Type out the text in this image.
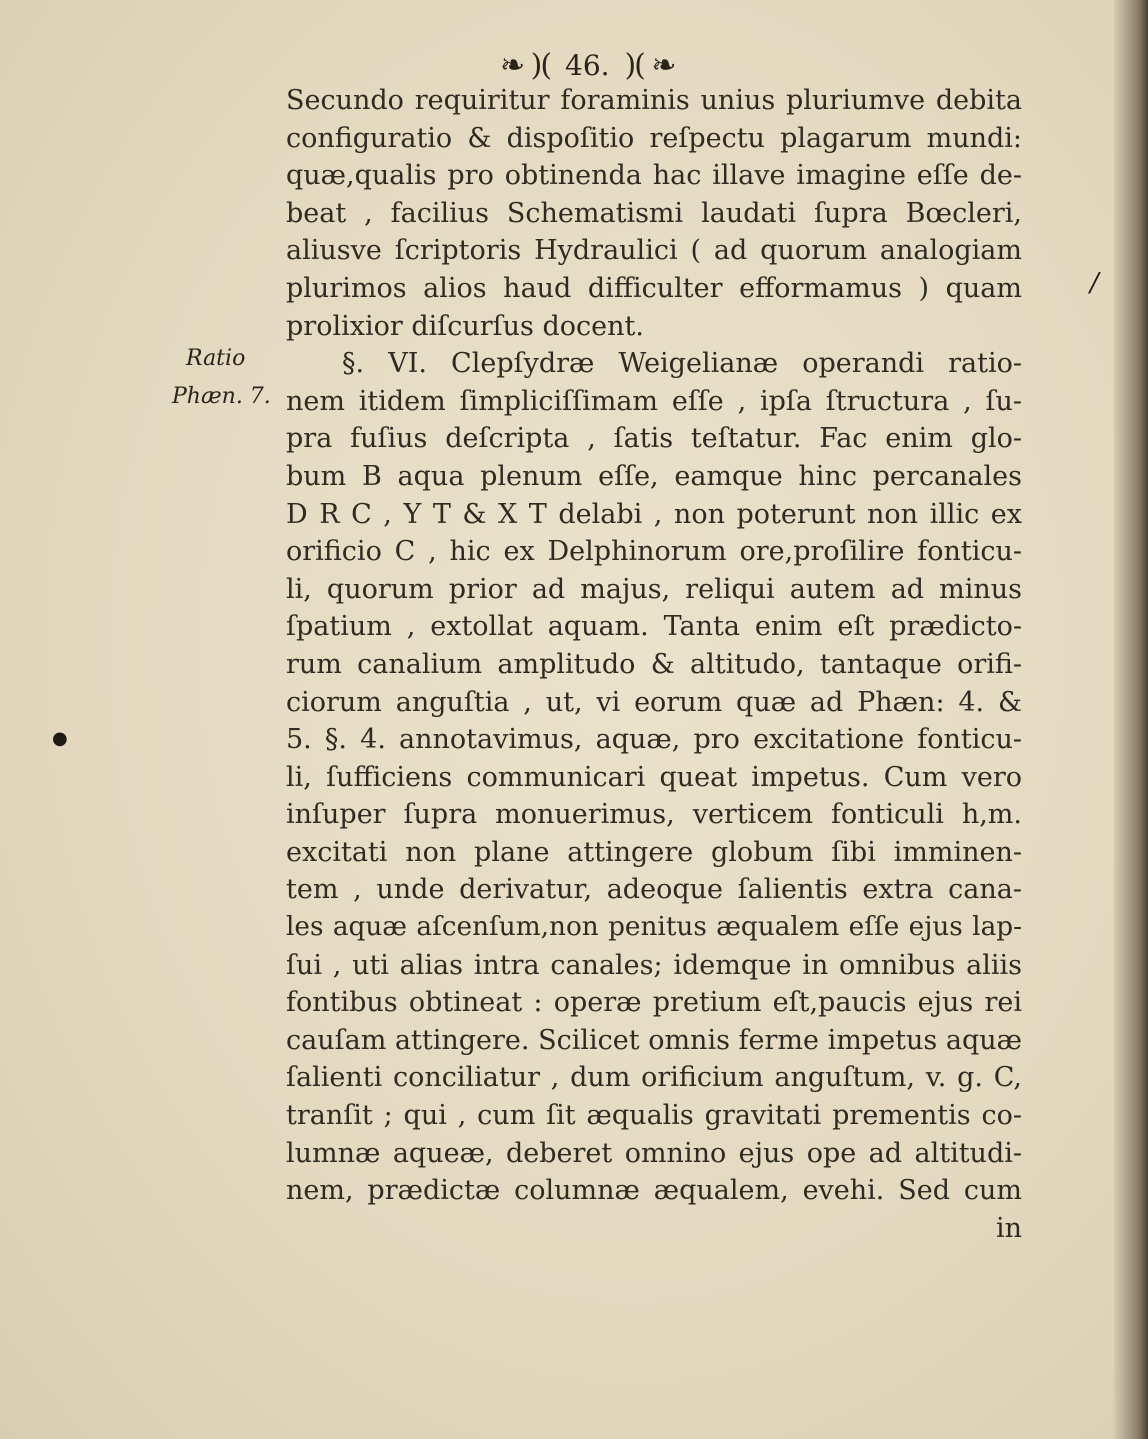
❧ )( 46. )( ❧
Ratio
Phæn. 7.
/
●
Secundo requiritur foraminis unius pluriumve debita
configuratio & dispoſitio reſpectu plagarum mundi:
quæ,qualis pro obtinenda hac illave imagine eſſe de-
beat , facilius Schematismi laudati ſupra Bœcleri,
aliusve ſcriptoris Hydraulici ( ad quorum analogiam
plurimos alios haud difficulter efformamus ) quam
prolixior diſcurſus docent.
§. VI. Clepſydræ Weigelianæ operandi ratio-
nem itidem ſimpliciſſimam eſſe , ipſa ſtructura , ſu-
pra fuſius deſcripta , ſatis teſtatur. Fac enim glo-
bum B aqua plenum eſſe, eamque hinc percanales
D R C , Y T & X T delabi , non poterunt non illic ex
orificio C , hic ex Delphinorum ore,proſilire fonticu-
li, quorum prior ad majus, reliqui autem ad minus
ſpatium , extollat aquam. Tanta enim eſt prædicto-
rum canalium amplitudo & altitudo, tantaque orifi-
ciorum anguſtia , ut, vi eorum quæ ad Phæn: 4. &
5. §. 4. annotavimus, aquæ, pro excitatione fonticu-
li, ſufficiens communicari queat impetus. Cum vero
inſuper ſupra monuerimus, verticem fonticuli h,m.
excitati non plane attingere globum ſibi imminen-
tem , unde derivatur, adeoque ſalientis extra cana-
les aquæ aſcenſum,non penitus æqualem eſſe ejus lap-
ſui , uti alias intra canales; idemque in omnibus aliis
fontibus obtineat : operæ pretium eſt,paucis ejus rei
cauſam attingere. Scilicet omnis ferme impetus aquæ
ſalienti conciliatur , dum orificium anguſtum, v. g. C,
tranſit ; qui , cum ſit æqualis gravitati prementis co-
lumnæ aqueæ, deberet omnino ejus ope ad altitudi-
nem, prædictæ columnæ æqualem, evehi. Sed cum
in
